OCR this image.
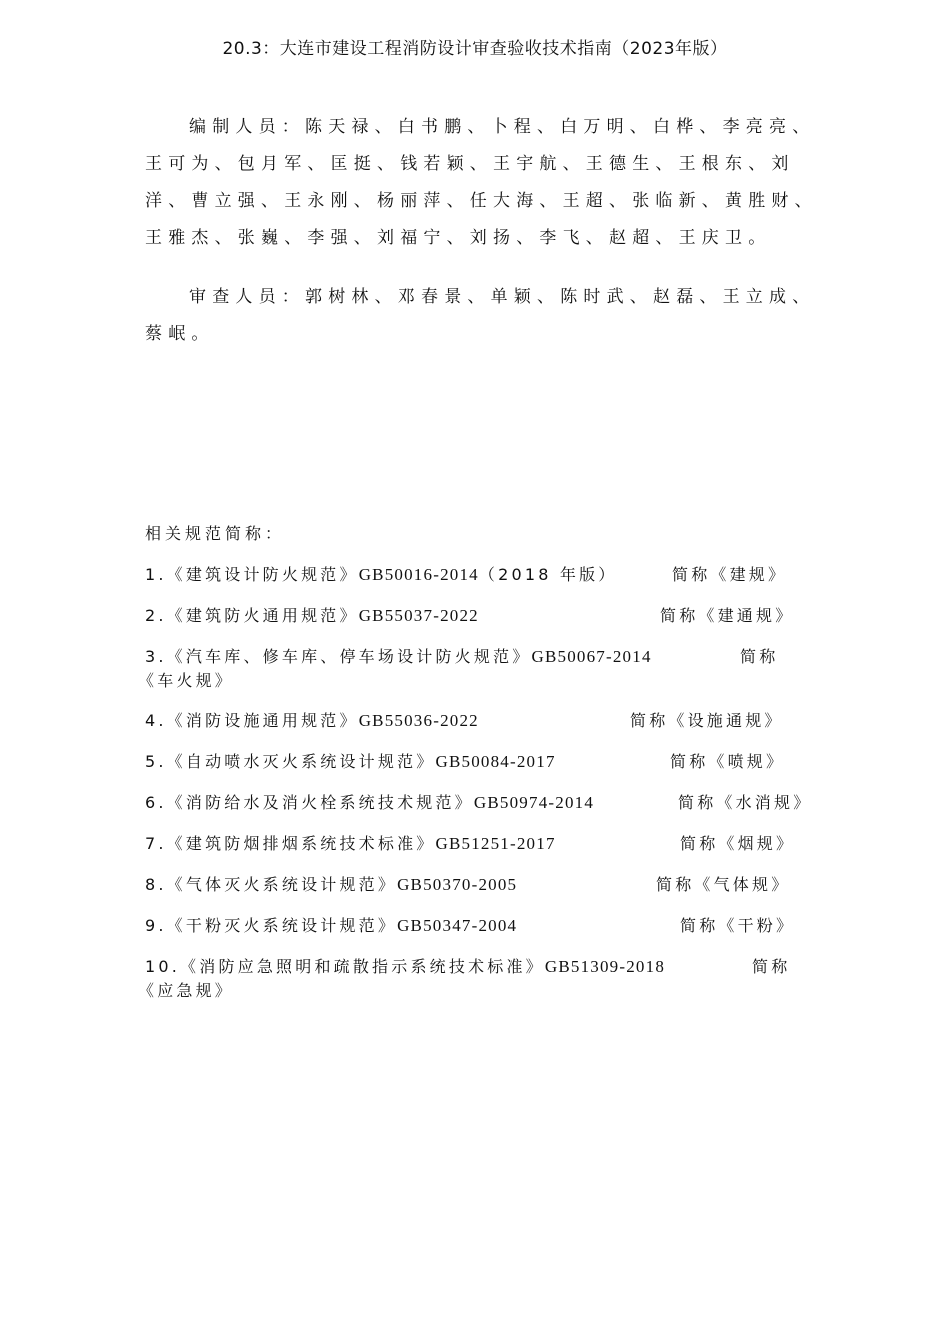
20.3：大连市建设工程消防设计审查验收技术指南（2023年版）

编制人员：陈天禄、白书鹏、卜程、白万明、白桦、李亮亮、王可为、包月军、匡挺、钱若颖、王宇航、王德生、王根东、刘洋、曹立强、王永刚、杨丽萍、任大海、王超、张临新、黄胜财、王雅杰、张巍、李强、刘福宁、刘扬、李飞、赵超、王庆卫。

审查人员：郭树林、邓春景、单颖、陈时武、赵磊、王立成、蔡岷。

相关规范简称：
1.《建筑设计防火规范》GB50016-2014（2018 年版）	简称《建规》
2.《建筑防火通用规范》GB55037-2022	简称《建通规》
3.《汽车库、修车库、停车场设计防火规范》GB50067-2014	简称
《车火规》
4.《消防设施通用规范》GB55036-2022	简称《设施通规》
5.《自动喷水灭火系统设计规范》GB50084-2017	简称《喷规》
6.《消防给水及消火栓系统技术规范》GB50974-2014	简称《水消规》
7.《建筑防烟排烟系统技术标准》GB51251-2017	简称《烟规》
8.《气体灭火系统设计规范》GB50370-2005	简称《气体规》
9.《干粉灭火系统设计规范》GB50347-2004	简称《干粉》
10.《消防应急照明和疏散指示系统技术标准》GB51309-2018	简称
《应急规》
